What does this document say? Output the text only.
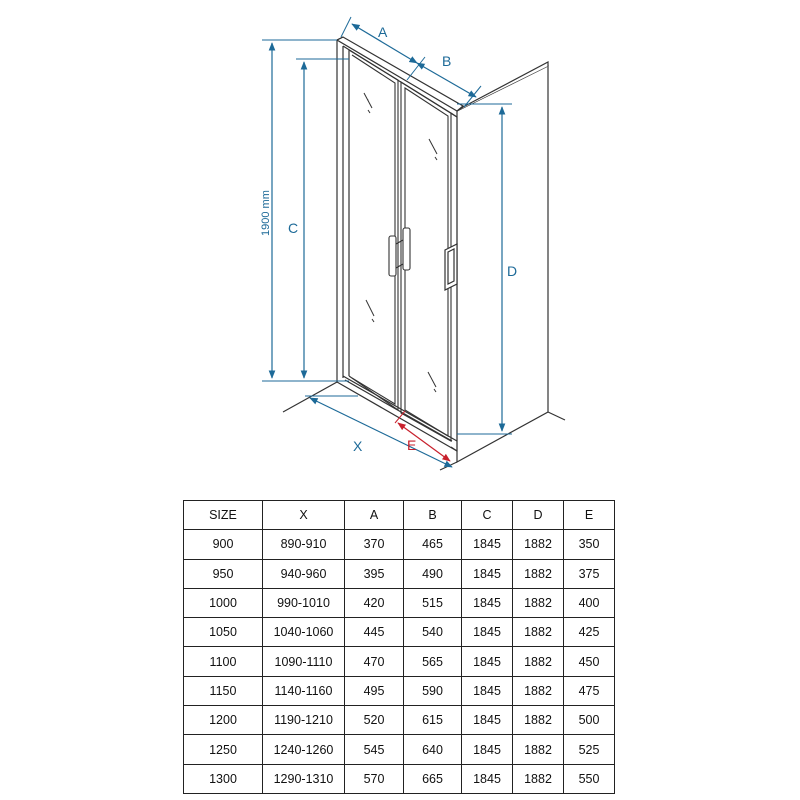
1900 mm C
D
A
B
X	E
SIZE	X	A	B	C	D	E
900	890-910	370	465	1845	1882	350
950	940-960	395	490	1845	1882	375
1000	990-1010	420	515	1845	1882	400
1050	1040-1060	445	540	1845	1882	425
1100	1090-1110	470	565	1845	1882	450
1150	1140-1160	495	590	1845	1882	475
1200	1190-1210	520	615	1845	1882	500
1250	1240-1260	545	640	1845	1882	525
1300	1290-1310	570	665	1845	1882	550
